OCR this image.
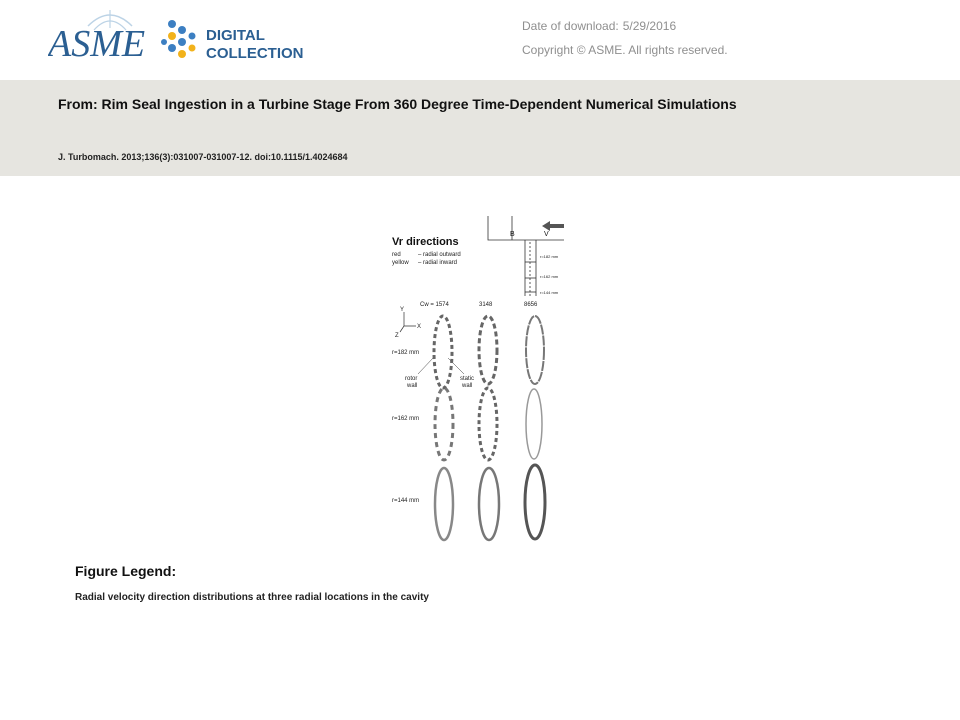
ASME	DIGITAL
COLLECTION
Date of download: 5/29/2016
Copyright © ASME. All rights reserved.
From: Rim Seal Ingestion in a Turbine Stage From 360 Degree Time-Dependent Numerical Simulations
J. Turbomach. 2013;136(3):031007-031007-12. doi:10.1115/1.4024684
Vr directions
red	– radial outward
yellow – radial inward
B	V
r=182 mm
r=162 mm
r=144 mm
Cw = 1574	3148	8656
Y
X
Z
r=182 mm
r=162 mm
r=144 mm
rotor
wall
static
wall
Figure Legend:
Radial velocity direction distributions at three radial locations in the cavity
